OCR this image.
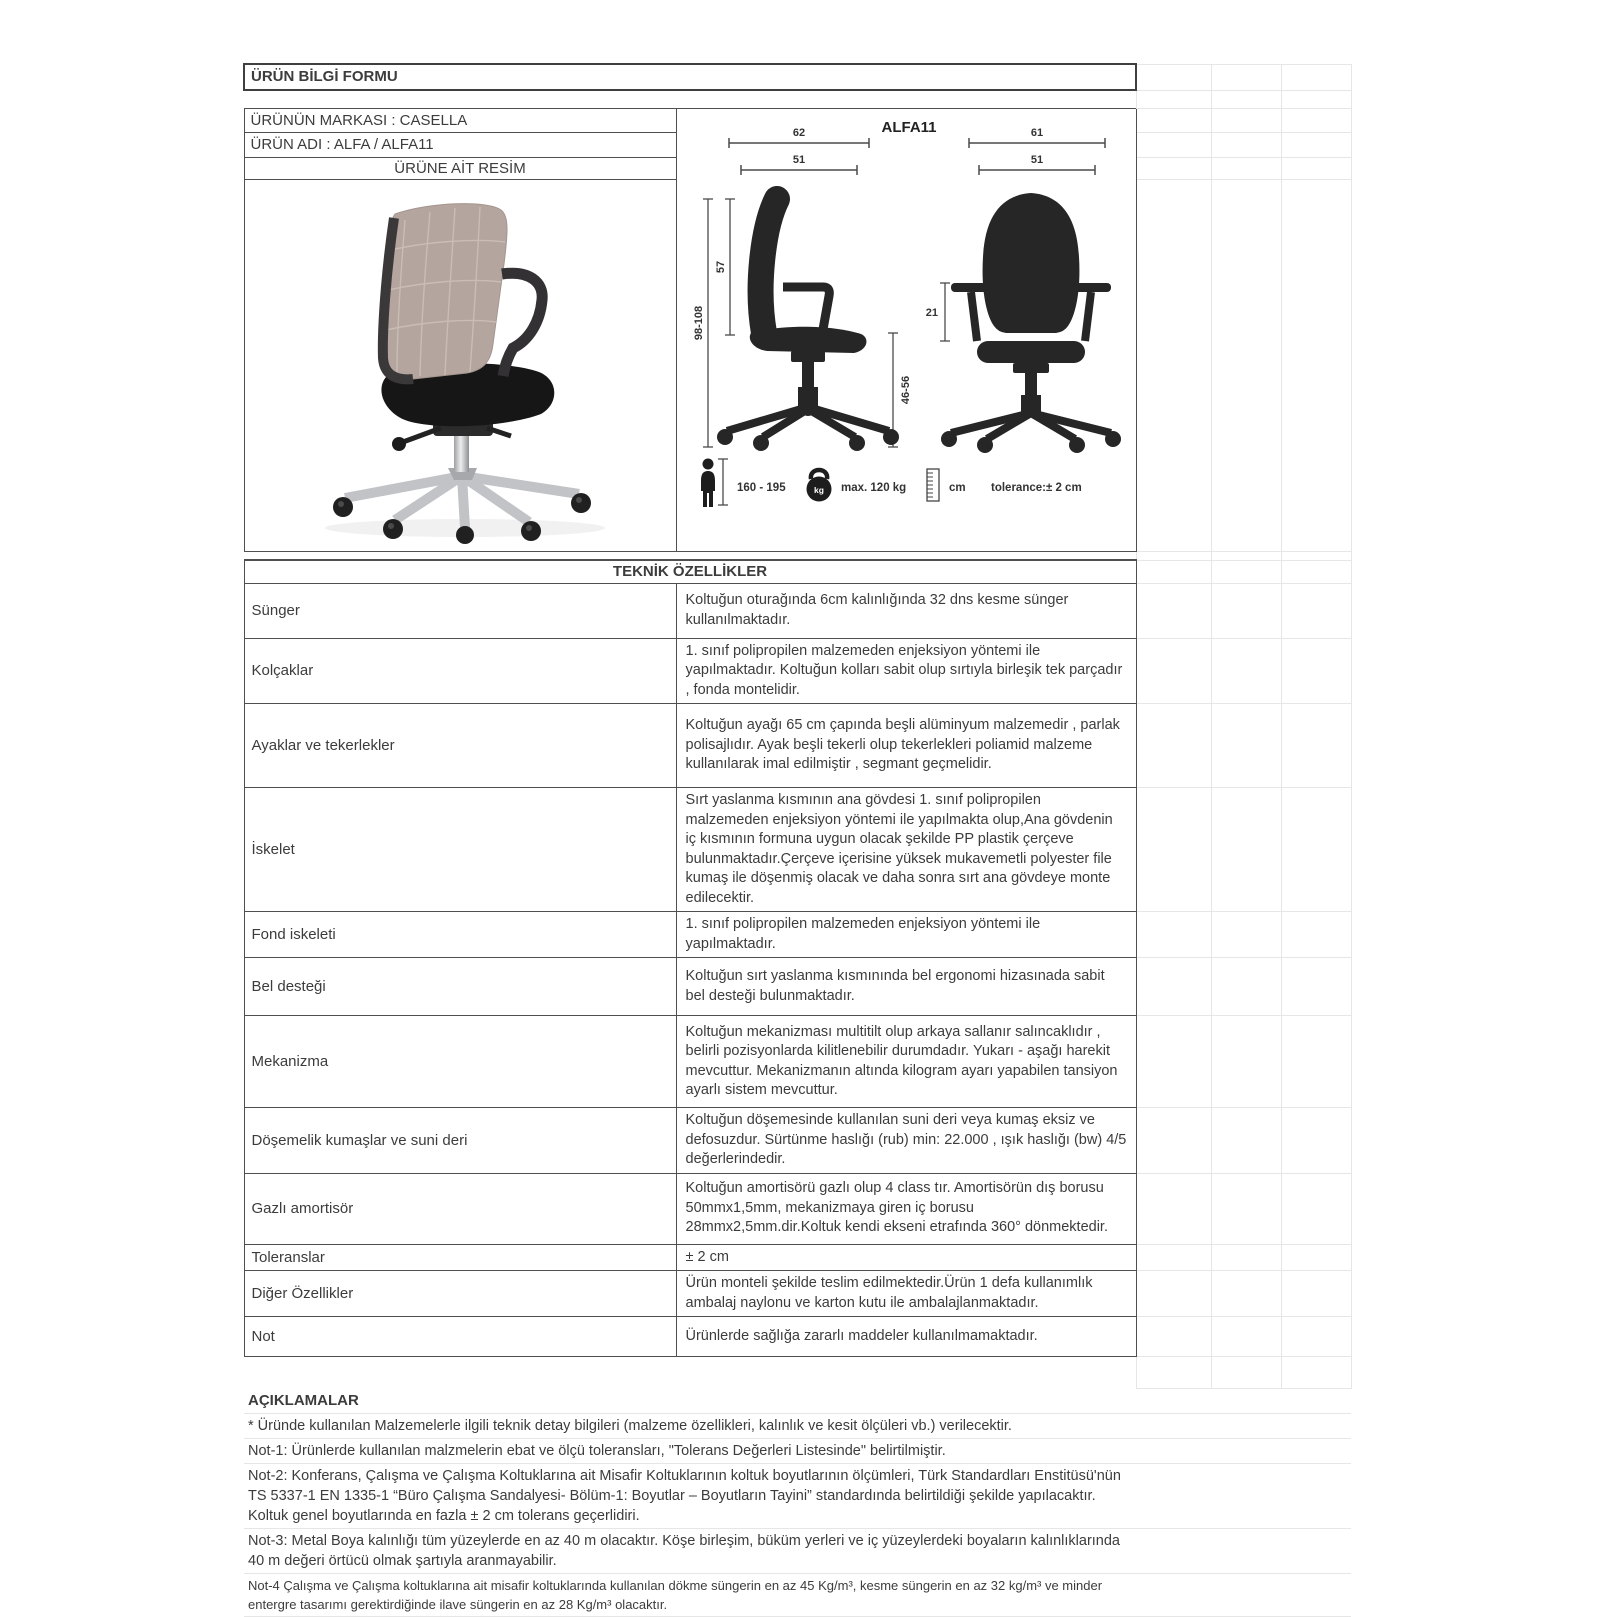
ÜRÜN BİLGİ FORMU				

ÜRÜNÜN MARKASI : CASELLA	ALFA11
62
51
61
51
98-108
57
46-56
21
160 - 195	kg max. 120 kg	cm tolerance:± 2 cm

ÜRÜN ADI : ALFA / ALFA11				
ÜRÜNE AİT RESİM				

TEKNİK ÖZELLİKLER				
Sünger	Koltuğun oturağında 6cm kalınlığında 32 dns kesme sünger kullanılmaktadır.			
Kolçaklar	1. sınıf polipropilen malzemeden enjeksiyon yöntemi ile yapılmaktadır. Koltuğun kolları sabit olup sırtıyla birleşik tek parçadır , fonda montelidir.			
Ayaklar ve tekerlekler	Koltuğun ayağı 65 cm çapında beşli alüminyum malzemedir , parlak polisajlıdır. Ayak beşli tekerli olup tekerlekleri poliamid malzeme kullanılarak imal edilmiştir , segmant geçmelidir.			
İskelet	Sırt yaslanma kısmının ana gövdesi 1. sınıf polipropilen malzemeden enjeksiyon yöntemi ile yapılmakta olup,Ana gövdenin iç kısmının formuna uygun olacak şekilde PP plastik çerçeve bulunmaktadır.Çerçeve içerisine yüksek mukavemetli polyester file kumaş ile döşenmiş olacak ve daha sonra sırt ana gövdeye monte edilecektir.			
Fond iskeleti	1. sınıf polipropilen malzemeden enjeksiyon yöntemi ile yapılmaktadır.			
Bel desteği	Koltuğun sırt yaslanma kısmınında bel ergonomi hizasınada sabit bel desteği bulunmaktadır.			
Mekanizma	Koltuğun mekanizması multitilt olup arkaya sallanır salıncaklıdır , belirli pozisyonlarda kilitlenebilir durumdadır. Yukarı - aşağı harekit mevcuttur. Mekanizmanın altında kilogram ayarı yapabilen tansiyon ayarlı sistem mevcuttur.			
Döşemelik kumaşlar ve suni deri	Koltuğun döşemesinde kullanılan suni deri veya kumaş eksiz ve defosuzdur. Sürtünme haslığı (rub) min: 22.000 , ışık haslığı (bw) 4/5 değerlerindedir.			
Gazlı amortisör	Koltuğun amortisörü gazlı olup 4 class tır. Amortisörün dış borusu 50mmx1,5mm, mekanizmaya giren iç borusu 28mmx2,5mm.dir.Koltuk kendi ekseni etrafında 360° dönmektedir.			
Toleranslar	± 2 cm			
Diğer Özellikler	Ürün monteli şekilde teslim edilmektedir.Ürün 1 defa kullanımlık ambalaj naylonu ve karton kutu ile ambalajlanmaktadır.			
Not	Ürünlerde sağlığa zararlı maddeler kullanılmamaktadır.			

AÇIKLAMALAR				
* Üründe kullanılan Malzemelerle ilgili teknik detay bilgileri (malzeme özellikleri, kalınlık ve kesit ölçüleri vb.) verilecektir.				
Not-1: Ürünlerde kullanılan malzmelerin ebat ve ölçü toleransları, "Tolerans Değerleri Listesinde" belirtilmiştir.				
Not-2: Konferans, Çalışma ve Çalışma Koltuklarına ait Misafir Koltuklarının koltuk boyutlarının ölçümleri, Türk Standardları Enstitüsü'nün TS 5337-1 EN 1335-1 “Büro Çalışma Sandalyesi- Bölüm-1: Boyutlar – Boyutların Tayini” standardında belirtildiği şekilde yapılacaktır. Koltuk genel boyutlarında en fazla ± 2 cm tolerans geçerlidiri.				
Not-3: Metal Boya kalınlığı tüm yüzeylerde en az 40 m olacaktır. Köşe birleşim, büküm yerleri ve iç yüzeylerdeki boyaların kalınlıklarında 40 m değeri örtücü olmak şartıyla aranmayabilir.				
Not-4 Çalışma ve Çalışma koltuklarına ait misafir koltuklarında kullanılan dökme süngerin en az 45 Kg/m³, kesme süngerin en az 32 kg/m³ ve minder entergre tasarımı gerektirdiğinde ilave süngerin en az 28 Kg/m³ olacaktır.				
